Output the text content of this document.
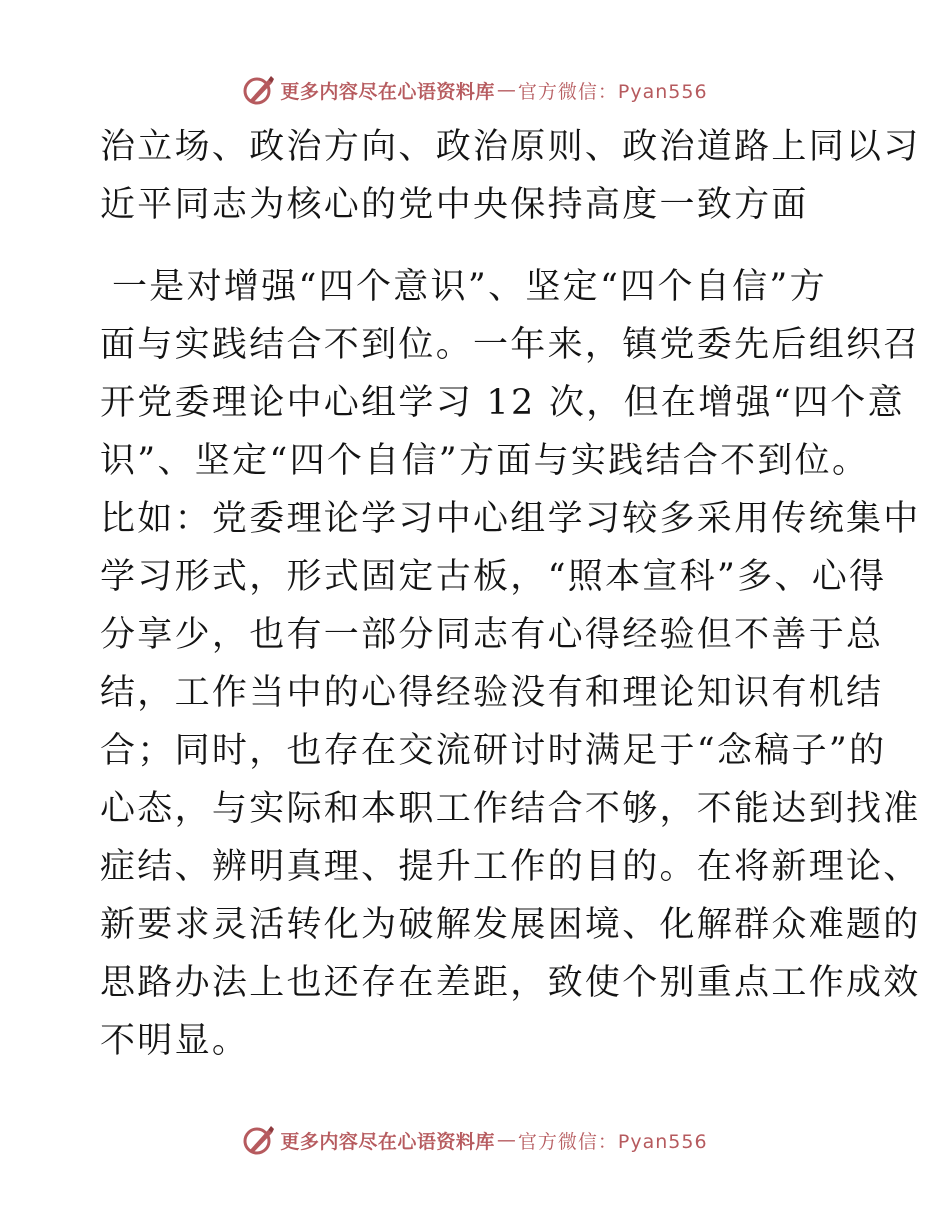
更多内容尽在心语资料库 — 官方微信：Pyan556
治立场、政治方向、政治原则、政治道路上同以习
近平同志为核心的党中央保持高度一致方面
一是对增强“四个意识”、坚定“四个自信”方
面与实践结合不到位。一年来，镇党委先后组织召
开党委理论中心组学习 12 次，但在增强“四个意
识”、坚定“四个自信”方面与实践结合不到位。
比如：党委理论学习中心组学习较多采用传统集中
学习形式，形式固定古板，“照本宣科”多、心得
分享少，也有一部分同志有心得经验但不善于总
结，工作当中的心得经验没有和理论知识有机结
合；同时，也存在交流研讨时满足于“念稿子”的
心态，与实际和本职工作结合不够，不能达到找准
症结、辨明真理、提升工作的目的。在将新理论、
新要求灵活转化为破解发展困境、化解群众难题的
思路办法上也还存在差距，致使个别重点工作成效
不明显。
更多内容尽在心语资料库 — 官方微信：Pyan556
